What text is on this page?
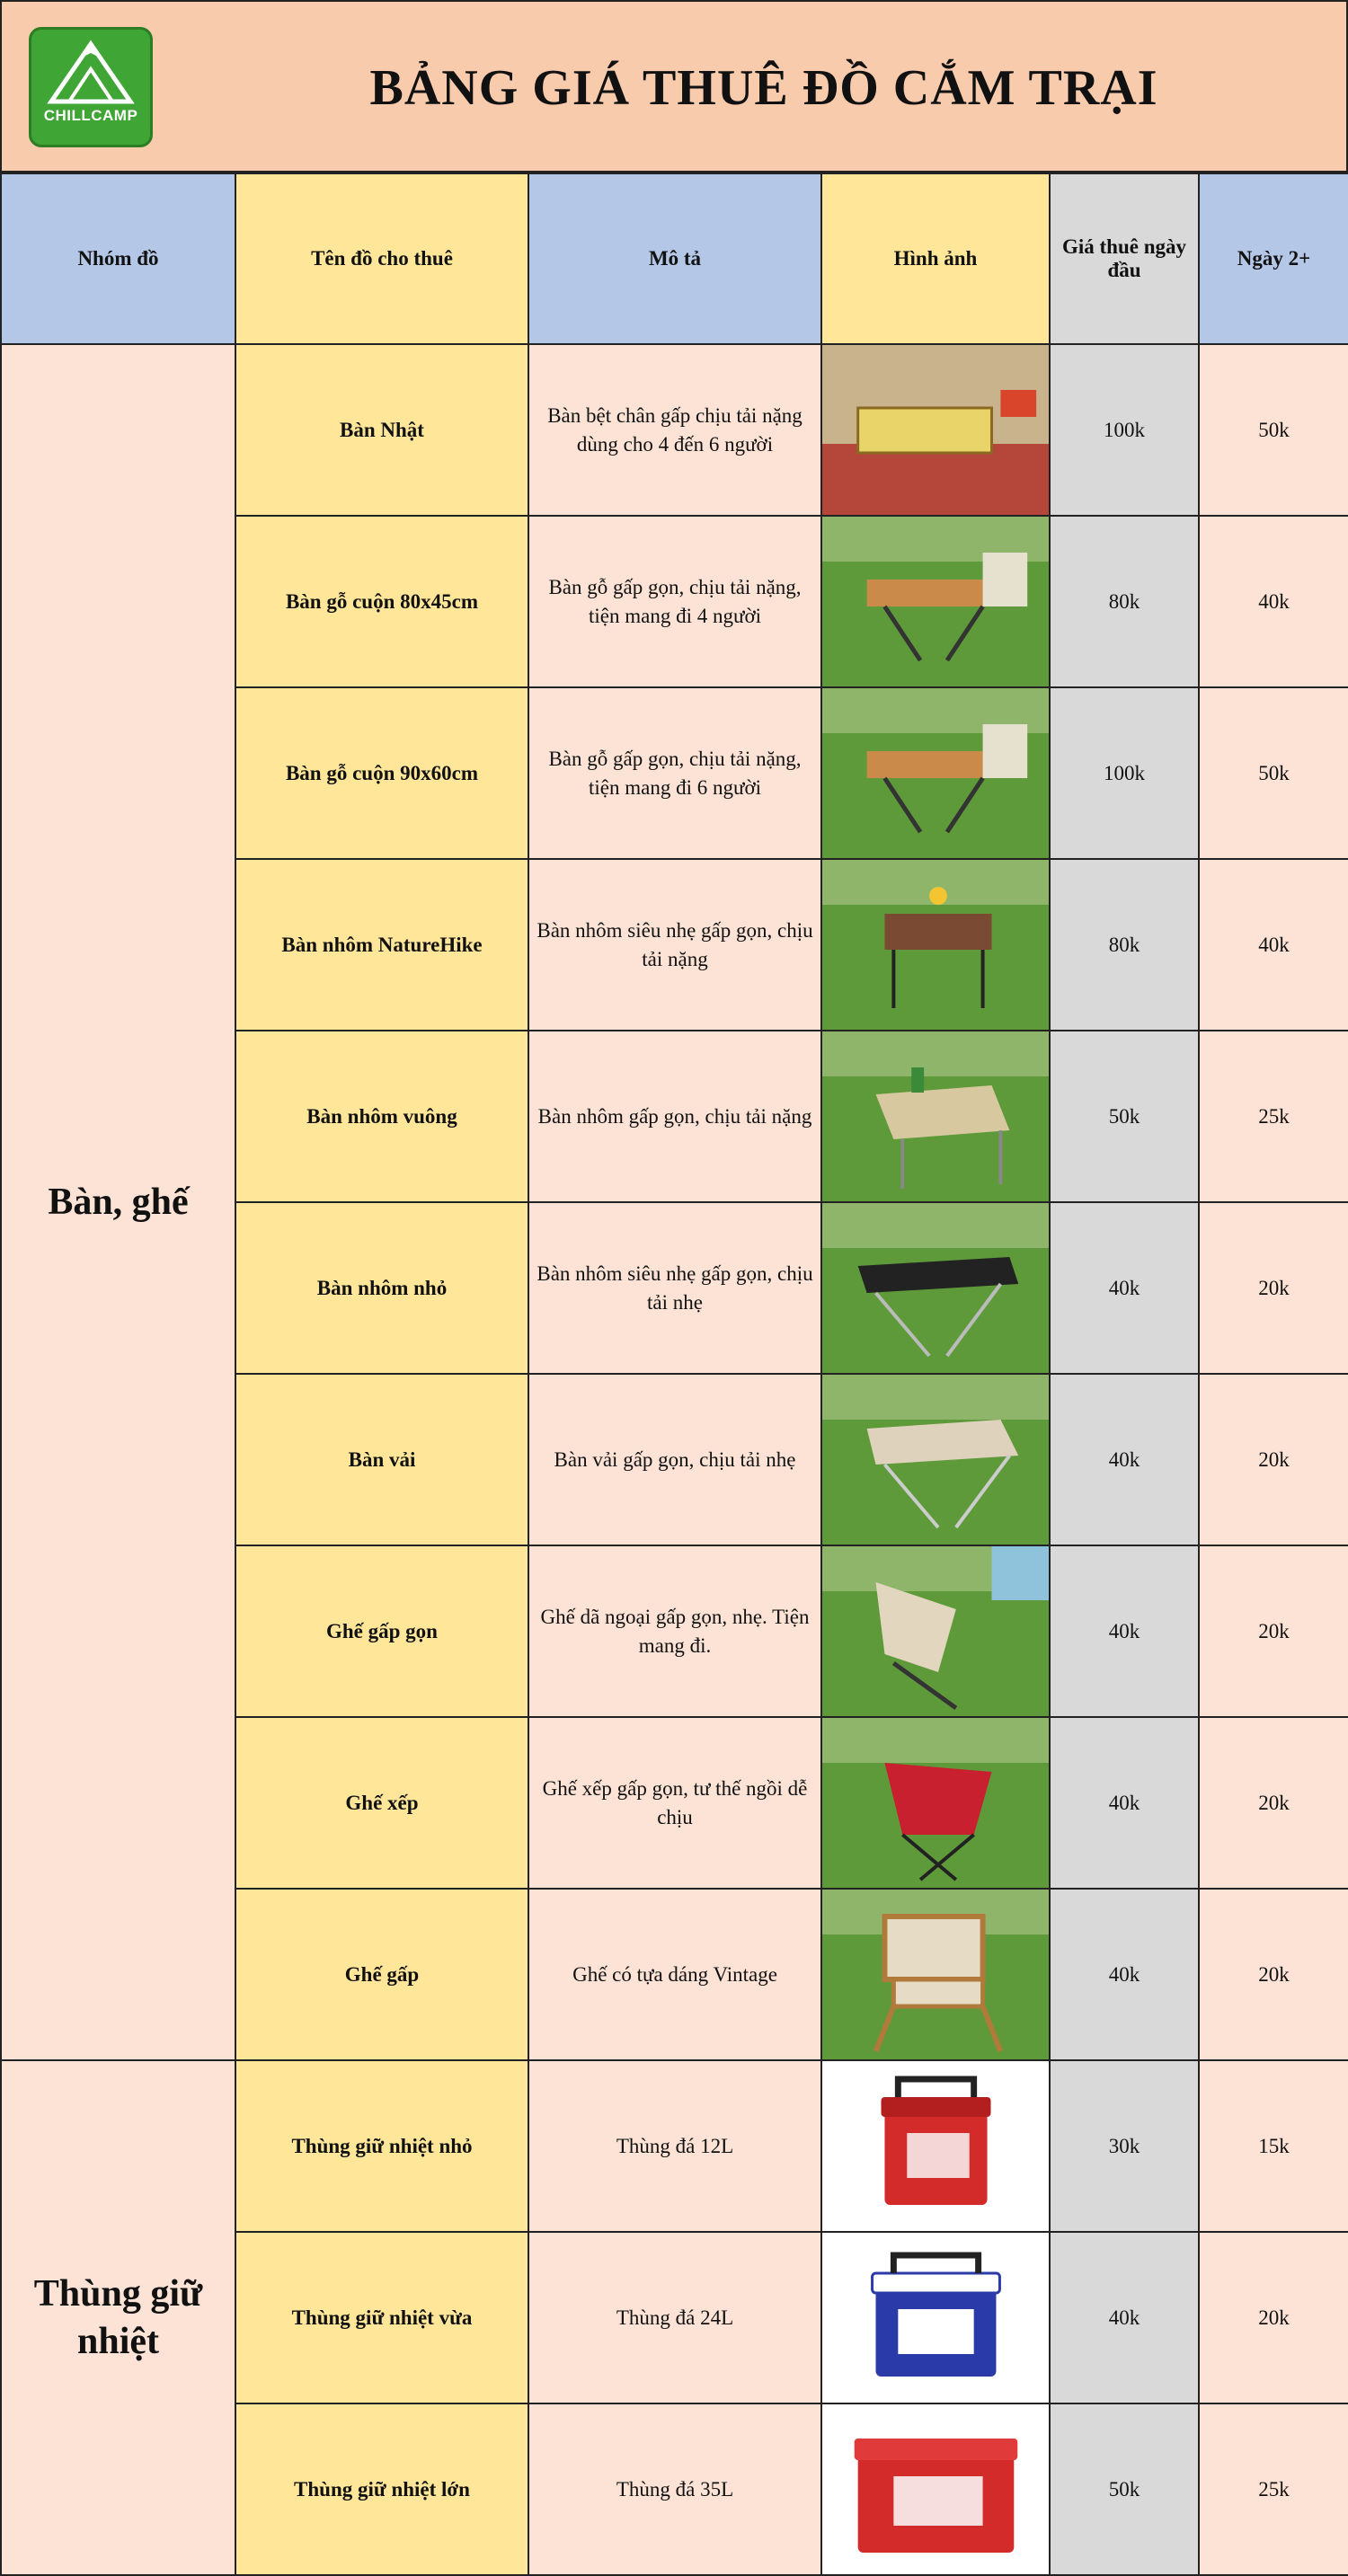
CHILLCAMP	BẢNG GIÁ THUÊ ĐỒ CẮM TRẠI
Nhóm đồ	Tên đồ cho thuê	Mô tả	Hình ảnh	Giá thuê ngày đầu	Ngày 2+
Bàn, ghế	Bàn Nhật	Bàn bệt chân gấp chịu tải nặng dùng cho 4 đến 6 người		100k	50k
	Bàn gỗ cuộn 80x45cm	Bàn gỗ gấp gọn, chịu tải nặng, tiện mang đi 4 người		80k	40k
	Bàn gỗ cuộn 90x60cm	Bàn gỗ gấp gọn, chịu tải nặng, tiện mang đi 6 người		100k	50k
	Bàn nhôm NatureHike	Bàn nhôm siêu nhẹ gấp gọn, chịu tải nặng		80k	40k
	Bàn nhôm vuông	Bàn nhôm gấp gọn, chịu tải nặng		50k	25k
	Bàn nhôm nhỏ	Bàn nhôm siêu nhẹ gấp gọn, chịu tải nhẹ		40k	20k
	Bàn vải	Bàn vải gấp gọn, chịu tải nhẹ		40k	20k
	Ghế gấp gọn	Ghế dã ngoại gấp gọn, nhẹ. Tiện mang đi.		40k	20k
	Ghế xếp	Ghế xếp gấp gọn, tư thế ngồi dễ chịu		40k	20k
	Ghế gấp	Ghế có tựa dáng Vintage		40k	20k
Thùng giữ nhiệt	Thùng giữ nhiệt nhỏ	Thùng đá 12L		30k	15k
	Thùng giữ nhiệt vừa	Thùng đá 24L		40k	20k
	Thùng giữ nhiệt lớn	Thùng đá 35L		50k	25k
